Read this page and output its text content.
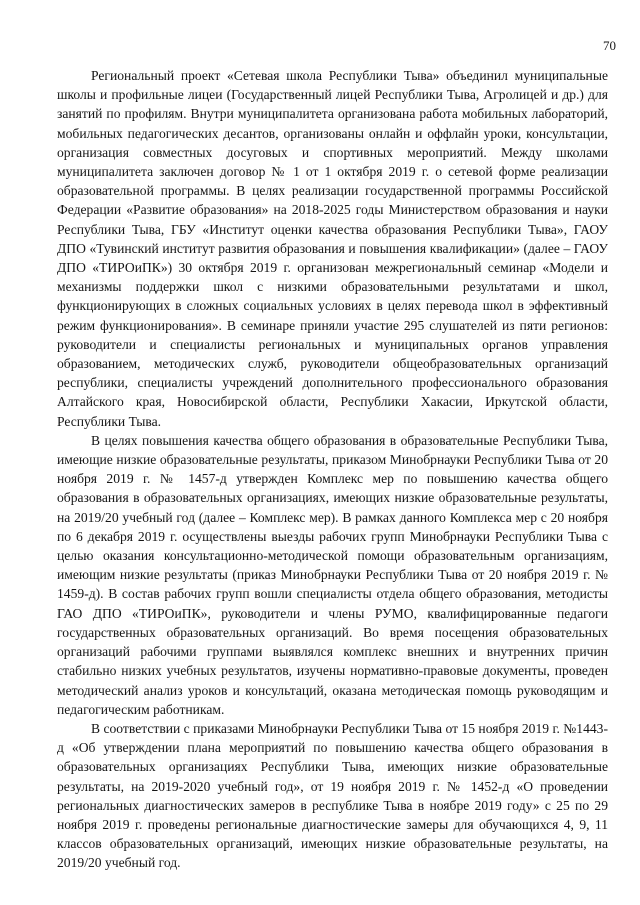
70

Региональный проект «Сетевая школа Республики Тыва» объединил муниципальные школы и профильные лицеи (Государственный лицей Республики Тыва, Агролицей и др.) для занятий по профилям. Внутри муниципалитета организована работа мобильных лабораторий, мобильных педагогических десантов, организованы онлайн и оффлайн уроки, консультации, организация совместных досуговых и спортивных мероприятий. Между школами муниципалитета заключен договор № 1 от 1 октября 2019 г. о сетевой форме реализации образовательной программы. В целях реализации государственной программы Российской Федерации «Развитие образования» на 2018-2025 годы Министерством образования и науки Республики Тыва, ГБУ «Институт оценки качества образования Республики Тыва», ГАОУ ДПО «Тувинский институт развития образования и повышения квалификации» (далее – ГАОУ ДПО «ТИРОиПК») 30 октября 2019 г. организован межрегиональный семинар «Модели и механизмы поддержки школ с низкими образовательными результатами и школ, функционирующих в сложных социальных условиях в целях перевода школ в эффективный режим функционирования». В семинаре приняли участие 295 слушателей из пяти регионов: руководители и специалисты региональных и муниципальных органов управления образованием, методических служб, руководители общеобразовательных организаций республики, специалисты учреждений дополнительного профессионального образования Алтайского края, Новосибирской области, Республики Хакасии, Иркутской области, Республики Тыва.

В целях повышения качества общего образования в образовательные Республики Тыва, имеющие низкие образовательные результаты, приказом Минобрнауки Республики Тыва от 20 ноября 2019 г. № 1457-д утвержден Комплекс мер по повышению качества общего образования в образовательных организациях, имеющих низкие образовательные результаты, на 2019/20 учебный год (далее – Комплекс мер). В рамках данного Комплекса мер с 20 ноября по 6 декабря 2019 г. осуществлены выезды рабочих групп Минобрнауки Республики Тыва с целью оказания консультационно-методической помощи образовательным организациям, имеющим низкие результаты (приказ Минобрнауки Республики Тыва от 20 ноября 2019 г. № 1459-д). В состав рабочих групп вошли специалисты отдела общего образования, методисты ГАО ДПО «ТИРОиПК», руководители и члены РУМО, квалифицированные педагоги государственных образовательных организаций. Во время посещения образовательных организаций рабочими группами выявлялся комплекс внешних и внутренних причин стабильно низких учебных результатов, изучены нормативно-правовые документы, проведен методический анализ уроков и консультаций, оказана методическая помощь руководящим и педагогическим работникам.

В соответствии с приказами Минобрнауки Республики Тыва от 15 ноября 2019 г. №1443-д «Об утверждении плана мероприятий по повышению качества общего образования в образовательных организациях Республики Тыва, имеющих низкие образовательные результаты, на 2019-2020 учебный год», от 19 ноября 2019 г. № 1452-д «О проведении региональных диагностических замеров в республике Тыва в ноябре 2019 году» с 25 по 29 ноября 2019 г. проведены региональные диагностические замеры для обучающихся 4, 9, 11 классов образовательных организаций, имеющих низкие образовательные результаты, на 2019/20 учебный год.
